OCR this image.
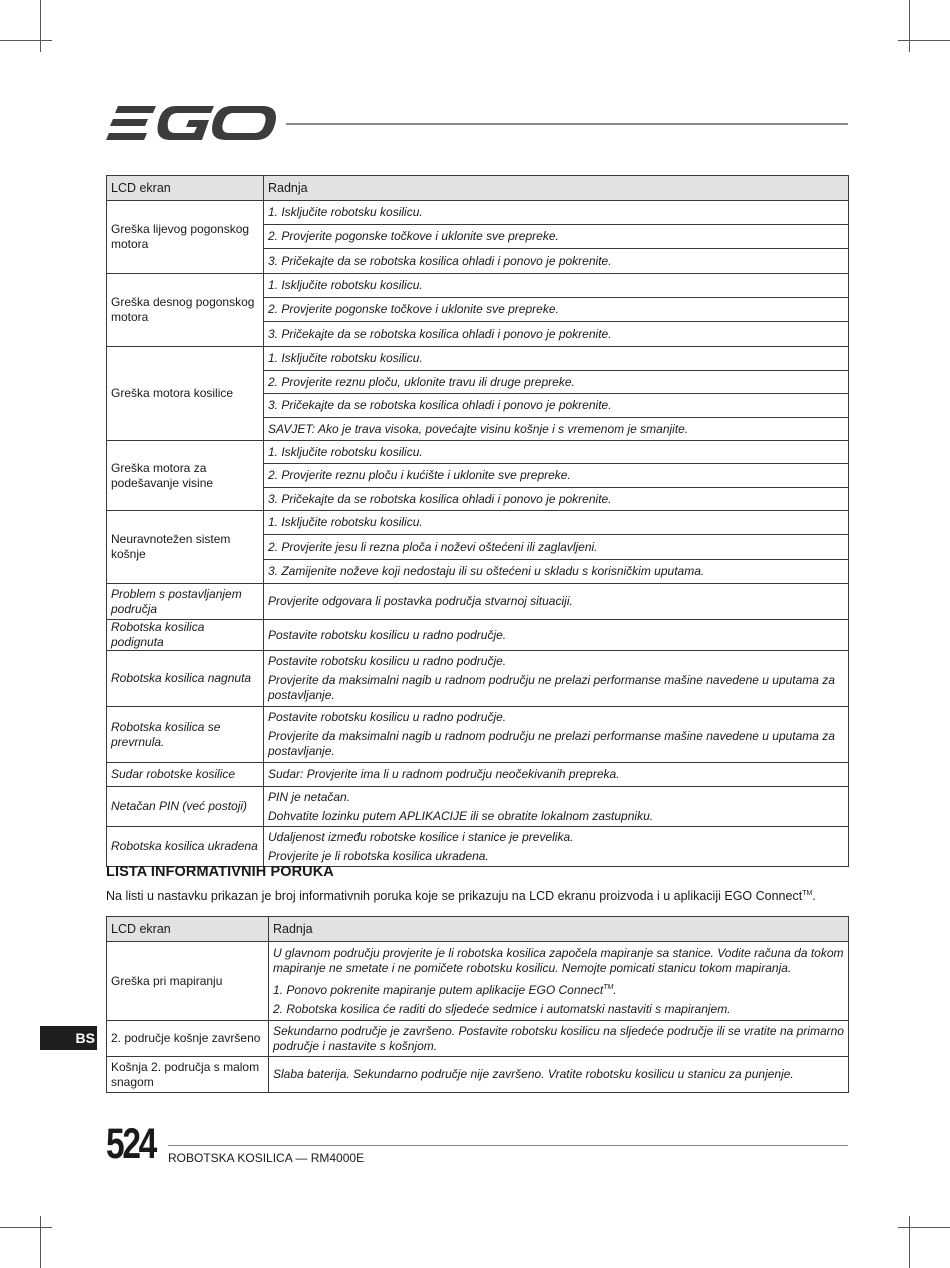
LCD ekran	Radnja
Greška lijevog pogonskog motora	1. Isključite robotsku kosilicu.
	2. Provjerite pogonske točkove i uklonite sve prepreke.
	3. Pričekajte da se robotska kosilica ohladi i ponovo je pokrenite.
Greška desnog pogonskog motora	1. Isključite robotsku kosilicu.
	2. Provjerite pogonske točkove i uklonite sve prepreke.
	3. Pričekajte da se robotska kosilica ohladi i ponovo je pokrenite.
Greška motora kosilice	1. Isključite robotsku kosilicu.
	2. Provjerite reznu ploču, uklonite travu ili druge prepreke.
	3. Pričekajte da se robotska kosilica ohladi i ponovo je pokrenite.
	SAVJET: Ako je trava visoka, povećajte visinu košnje i s vremenom je smanjite.
Greška motora za podešavanje visine	1. Isključite robotsku kosilicu.
	2. Provjerite reznu ploču i kućište i uklonite sve prepreke.
	3. Pričekajte da se robotska kosilica ohladi i ponovo je pokrenite.
Neuravnotežen sistem košnje	1. Isključite robotsku kosilicu.
	2. Provjerite jesu li rezna ploča i noževi oštećeni ili zaglavljeni.
	3. Zamijenite noževe koji nedostaju ili su oštećeni u skladu s korisničkim uputama.
Problem s postavljanjem područja	Provjerite odgovara li postavka područja stvarnoj situaciji.
Robotska kosilica podignuta	Postavite robotsku kosilicu u radno područje.
Robotska kosilica nagnuta	Postavite robotsku kosilicu u radno područje.

Provjerite da maksimalni nagib u radnom području ne prelazi performanse mašine navedene u uputama za postavljanje.

Robotska kosilica se prevrnula.	Postavite robotsku kosilicu u radno područje.

Provjerite da maksimalni nagib u radnom području ne prelazi performanse mašine navedene u uputama za postavljanje.

Sudar robotske kosilice	Sudar: Provjerite ima li u radnom području neočekivanih prepreka.
Netačan PIN (već postoji)	PIN je netačan.

Dohvatite lozinku putem APLIKACIJE ili se obratite lokalnom zastupniku.

Robotska kosilica ukradena	Udaljenost između robotske kosilice i stanice je prevelika.

Provjerite je li robotska kosilica ukradena.

LISTA INFORMATIVNIH PORUKA
Na listi u nastavku prikazan je broj informativnih poruka koje se prikazuju na LCD ekranu proizvoda i u aplikaciji EGO Connect™.
LCD ekran	Radnja
Greška pri mapiranju	U glavnom području provjerite je li robotska kosilica započela mapiranje sa stanice. Vodite računa da tokom mapiranje ne smetate i ne pomičete robotsku kosilicu. Nemojte pomicati stanicu tokom mapiranja.

1. Ponovo pokrenite mapiranje putem aplikacije EGO Connect™.

2. Robotska kosilica će raditi do sljedeće sedmice i automatski nastaviti s mapiranjem.

2. područje košnje završeno	Sekundarno područje je završeno. Postavite robotsku kosilicu na sljedeće područje ili se vratite na primarno područje i nastavite s košnjom.
Košnja 2. područja s malom snagom	Slaba baterija. Sekundarno područje nije završeno. Vratite robotsku kosilicu u stanicu za punjenje.
BS
524 ROBOTSKA KOSILICA — RM4000E
